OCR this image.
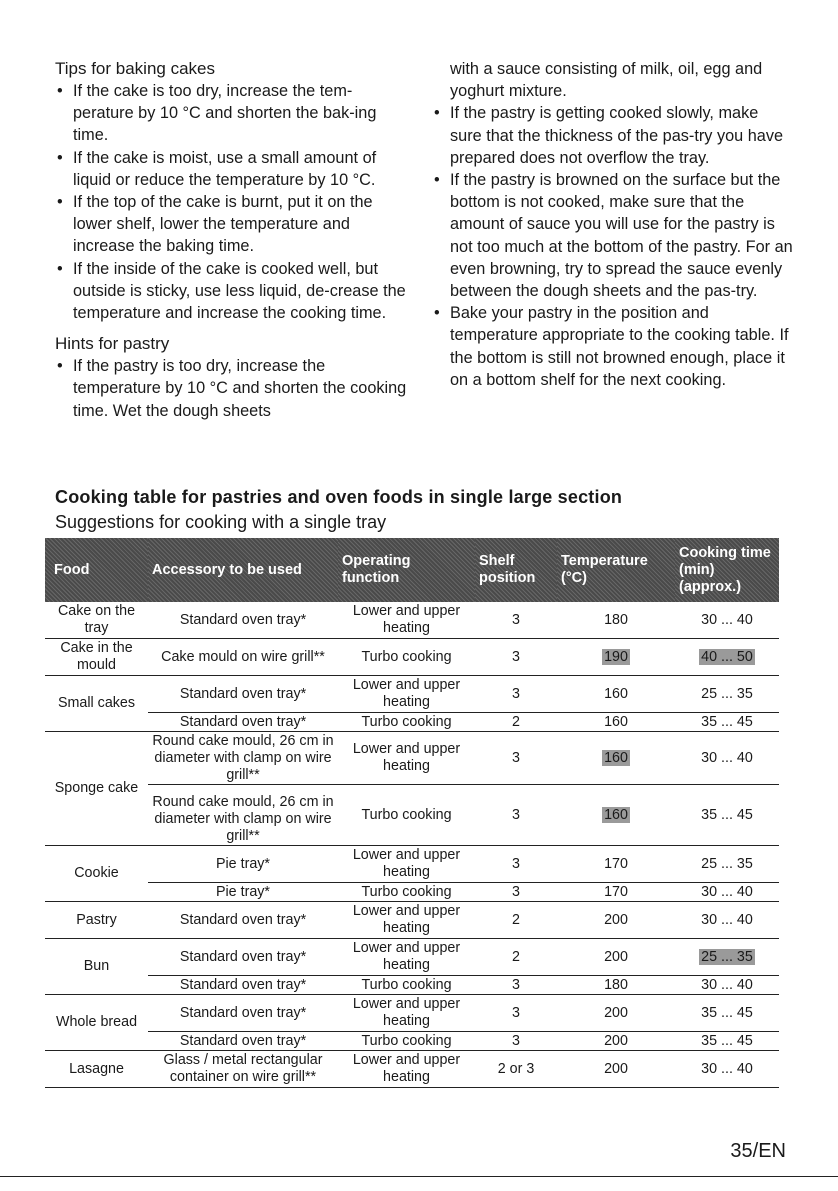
Tips for baking cakes
• If the cake is too dry, increase the tem-perature by 10 °C and shorten the bak-ing time.
• If the cake is moist, use a small amount of liquid or reduce the temperature by 10 °C.
• If the top of the cake is burnt, put it on the lower shelf, lower the temperature and increase the baking time.
• If the inside of the cake is cooked well, but outside is sticky, use less liquid, de-crease the temperature and increase the cooking time.
Hints for pastry
• If the pastry is too dry, increase the temperature by 10 °C and shorten the cooking time. Wet the dough sheets

with a sauce consisting of milk, oil, egg and yoghurt mixture.

• If the pastry is getting cooked slowly, make sure that the thickness of the pas-try you have prepared does not overflow the tray.
• If the pastry is browned on the surface but the bottom is not cooked, make sure that the amount of sauce you will use for the pastry is not too much at the bottom of the pastry. For an even browning, try to spread the sauce evenly between the dough sheets and the pas-try.
• Bake your pastry in the position and temperature appropriate to the cooking table. If the bottom is still not browned enough, place it on a bottom shelf for the next cooking.
Cooking table for pastries and oven foods in single large section
Suggestions for cooking with a single tray
Food	Accessory to be used	Operating function	Shelf position	Temperature (°C)	Cooking time (min) (approx.)
Cake on the tray	Standard oven tray*	Lower and upper heating	3	180	30 ... 40
Cake in the mould	Cake mould on wire grill**	Turbo cooking	3	190	40 ... 50
Small cakes	Standard oven tray*	Lower and upper heating	3	160	25 ... 35
	Standard oven tray*	Turbo cooking	2	160	35 ... 45
Sponge cake	Round cake mould, 26 cm in diameter with clamp on wire grill**	Lower and upper heating	3	160	30 ... 40
	Round cake mould, 26 cm in diameter with clamp on wire grill**	Turbo cooking	3	160	35 ... 45
Cookie	Pie tray*	Lower and upper heating	3	170	25 ... 35
	Pie tray*	Turbo cooking	3	170	30 ... 40
Pastry	Standard oven tray*	Lower and upper heating	2	200	30 ... 40
Bun	Standard oven tray*	Lower and upper heating	2	200	25 ... 35
	Standard oven tray*	Turbo cooking	3	180	30 ... 40
Whole bread	Standard oven tray*	Lower and upper heating	3	200	35 ... 45
	Standard oven tray*	Turbo cooking	3	200	35 ... 45
Lasagne	Glass / metal rectangular container on wire grill**	Lower and upper heating	2 or 3	200	30 ... 40
35/EN
